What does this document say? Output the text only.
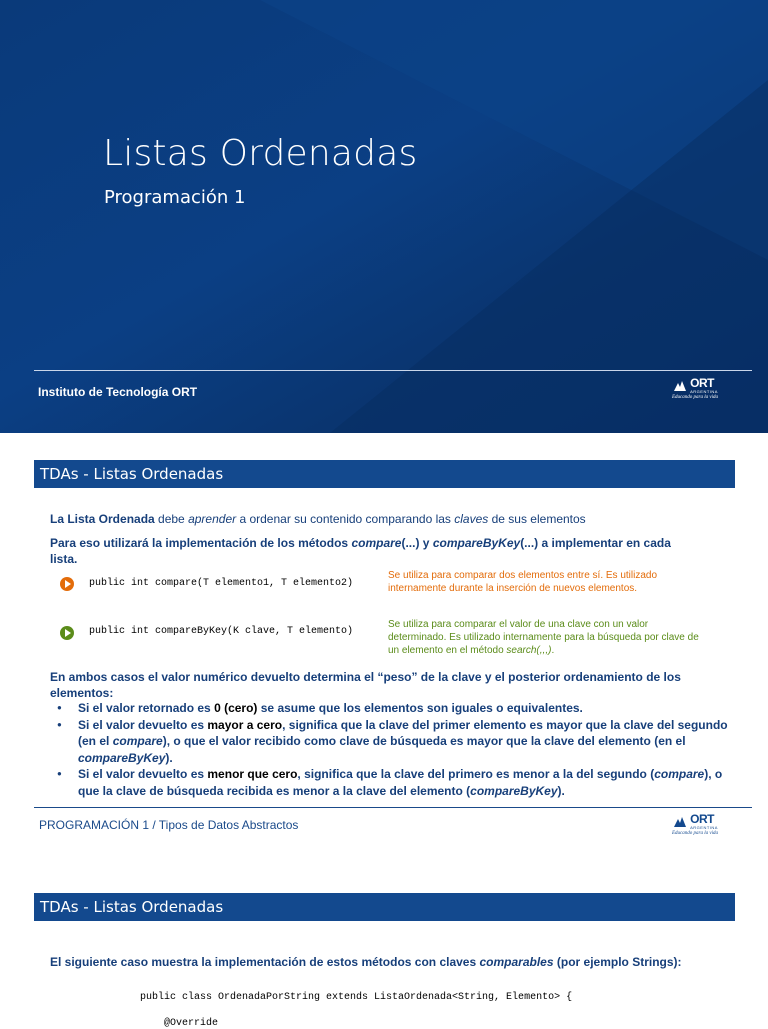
Listas Ordenadas
Programación 1
Instituto de Tecnología ORT
ORT
ARGENTINA
Educando para la vida
TDAs - Listas Ordenadas
La Lista Ordenada debe aprender a ordenar su contenido comparando las claves de sus elementos
Para eso utilizará la implementación de los métodos compare(...) y compareByKey(...) a implementar en cada
lista.
public int compare(T elemento1, T elemento2)
Se utiliza para comparar dos elementos entre sí. Es utilizado internamente durante la inserción de nuevos elementos.
public int compareByKey(K clave, T elemento)
Se utiliza para comparar el valor de una clave con un valor determinado. Es utilizado internamente para la búsqueda por clave de un elemento en el método search(,,,).
En ambos casos el valor numérico devuelto determina el “peso” de la clave y el posterior ordenamiento de los
elementos:
● Si el valor retornado es 0 (cero) se asume que los elementos son iguales o equivalentes.
● Si el valor devuelto es mayor a cero, significa que la clave del primer elemento es mayor que la clave del segundo (en el compare), o que el valor recibido como clave de búsqueda es mayor que la clave del elemento (en el compareByKey).
● Si el valor devuelto es menor que cero, significa que la clave del primero es menor a la del segundo (compare), o que la clave de búsqueda recibida es menor a la clave del elemento (compareByKey).
PROGRAMACIÓN 1 / Tipos de Datos Abstractos	ORT
ARGENTINA
Educando para la vida
TDAs - Listas Ordenadas
El siguiente caso muestra la implementación de estos métodos con claves comparables (por ejemplo Strings):
public class OrdenadaPorString extends ListaOrdenada<String, Elemento> {
@Override
